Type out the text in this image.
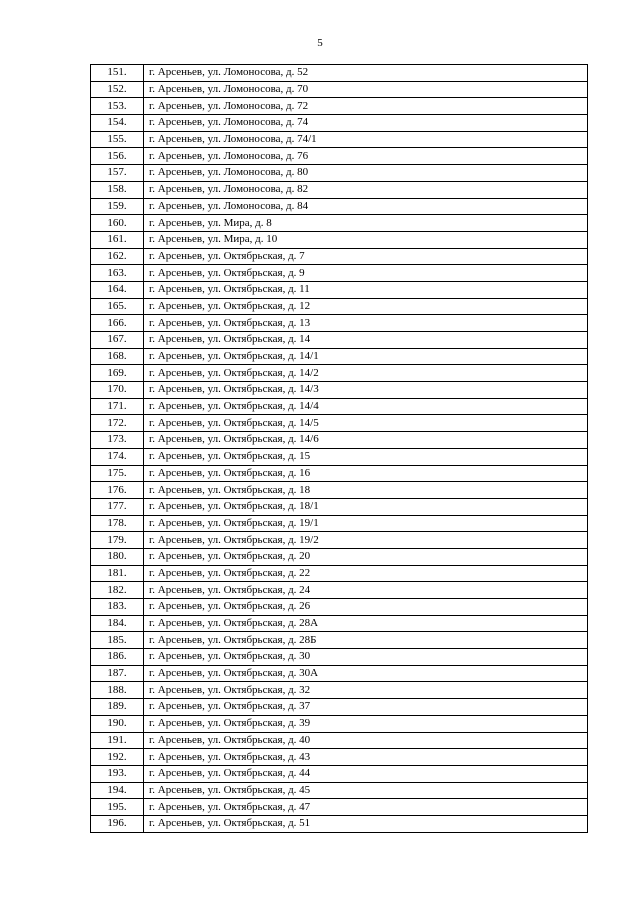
5
151.	г. Арсеньев, ул. Ломоносова, д. 52
152.	г. Арсеньев, ул. Ломоносова, д. 70
153.	г. Арсеньев, ул. Ломоносова, д. 72
154.	г. Арсеньев, ул. Ломоносова, д. 74
155.	г. Арсеньев, ул. Ломоносова, д. 74/1
156.	г. Арсеньев, ул. Ломоносова, д. 76
157.	г. Арсеньев, ул. Ломоносова, д. 80
158.	г. Арсеньев, ул. Ломоносова, д. 82
159.	г. Арсеньев, ул. Ломоносова, д. 84
160.	г. Арсеньев, ул. Мира, д. 8
161.	г. Арсеньев, ул. Мира, д. 10
162.	г. Арсеньев, ул. Октябрьская, д. 7
163.	г. Арсеньев, ул. Октябрьская, д. 9
164.	г. Арсеньев, ул. Октябрьская, д. 11
165.	г. Арсеньев, ул. Октябрьская, д. 12
166.	г. Арсеньев, ул. Октябрьская, д. 13
167.	г. Арсеньев, ул. Октябрьская, д. 14
168.	г. Арсеньев, ул. Октябрьская, д. 14/1
169.	г. Арсеньев, ул. Октябрьская, д. 14/2
170.	г. Арсеньев, ул. Октябрьская, д. 14/3
171.	г. Арсеньев, ул. Октябрьская, д. 14/4
172.	г. Арсеньев, ул. Октябрьская, д. 14/5
173.	г. Арсеньев, ул. Октябрьская, д. 14/6
174.	г. Арсеньев, ул. Октябрьская, д. 15
175.	г. Арсеньев, ул. Октябрьская, д. 16
176.	г. Арсеньев, ул. Октябрьская, д. 18
177.	г. Арсеньев, ул. Октябрьская, д. 18/1
178.	г. Арсеньев, ул. Октябрьская, д. 19/1
179.	г. Арсеньев, ул. Октябрьская, д. 19/2
180.	г. Арсеньев, ул. Октябрьская, д. 20
181.	г. Арсеньев, ул. Октябрьская, д. 22
182.	г. Арсеньев, ул. Октябрьская, д. 24
183.	г. Арсеньев, ул. Октябрьская, д. 26
184.	г. Арсеньев, ул. Октябрьская, д. 28А
185.	г. Арсеньев, ул. Октябрьская, д. 28Б
186.	г. Арсеньев, ул. Октябрьская, д. 30
187.	г. Арсеньев, ул. Октябрьская, д. 30А
188.	г. Арсеньев, ул. Октябрьская, д. 32
189.	г. Арсеньев, ул. Октябрьская, д. 37
190.	г. Арсеньев, ул. Октябрьская, д. 39
191.	г. Арсеньев, ул. Октябрьская, д. 40
192.	г. Арсеньев, ул. Октябрьская, д. 43
193.	г. Арсеньев, ул. Октябрьская, д. 44
194.	г. Арсеньев, ул. Октябрьская, д. 45
195.	г. Арсеньев, ул. Октябрьская, д. 47
196.	г. Арсеньев, ул. Октябрьская, д. 51
